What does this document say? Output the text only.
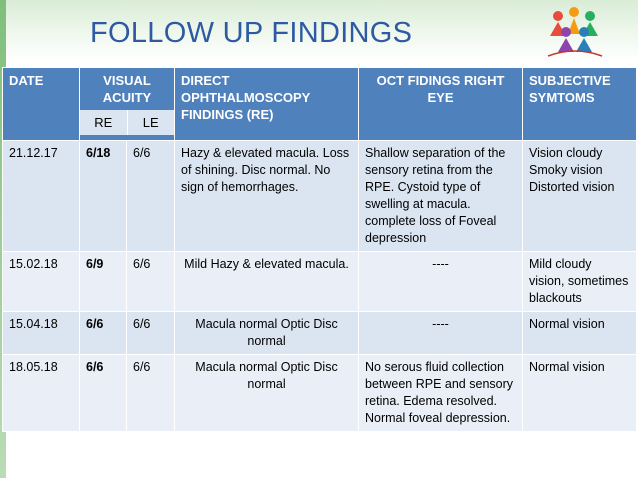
FOLLOW UP FINDINGS
DATE	VISUAL ACUITY
RE LE		DIRECT OPHTHALMOSCOPY FINDINGS (RE)	OCT FIDINGS RIGHT EYE	SUBJECTIVE SYMTOMS
21.12.17	6/18	6/6	Hazy & elevated macula. Loss of shining. Disc normal. No sign of hemorrhages.	Shallow separation of the sensory retina from the RPE. Cystoid type of swelling at macula. complete loss of Foveal depression	Vision cloudy Smoky vision Distorted vision
15.02.18	6/9	6/6	Mild Hazy & elevated macula.	----	Mild cloudy vision, sometimes blackouts
15.04.18	6/6	6/6	Macula normal Optic Disc normal	----	Normal vision
18.05.18	6/6	6/6	Macula normal Optic Disc normal	No serous fluid collection between RPE and sensory retina. Edema resolved. Normal foveal depression.	Normal vision
